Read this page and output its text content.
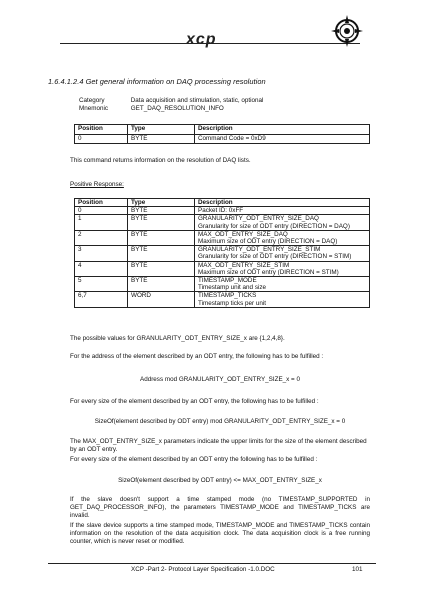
xcp
1.6.4.1.2.4 Get general information on DAQ processing resolution
Category	Data acquisition and stimulation, static, optional
Mnemonic	GET_DAQ_RESOLUTION_INFO
Position	Type	Description
0	BYTE	Command Code = 0xD9
This command returns information on the resolution of DAQ lists.
Positive Response:
Position	Type	Description
0	BYTE	Packet ID: 0xFF
1	BYTE	GRANULARITY_ODT_ENTRY_SIZE_DAQ
Granularity for size of ODT entry (DIRECTION = DAQ)

2	BYTE	MAX_ODT_ENTRY_SIZE_DAQ
Maximum size of ODT entry (DIRECTION = DAQ)

3	BYTE	GRANULARITY_ODT_ENTRY_SIZE_STIM
Granularity for size of ODT entry (DIRECTION = STIM)

4	BYTE	MAX_ODT_ENTRY_SIZE_STIM
Maximum size of ODT entry (DIRECTION = STIM)

5	BYTE	TIMESTAMP_MODE
Timestamp unit and size

6,7	WORD	TIMESTAMP_TICKS
Timestamp ticks per unit
The possible values for GRANULARITY_ODT_ENTRY_SIZE_x are {1,2,4,8}.
For the address of the element described by an ODT entry, the following has to be fulfilled :
Address mod GRANULARITY_ODT_ENTRY_SIZE_x = 0
For every size of the element described by an ODT entry, the following has to be fulfilled :
SizeOf(element described by ODT entry) mod GRANULARITY_ODT_ENTRY_SIZE_x = 0
The MAX_ODT_ENTRY_SIZE_x parameters indicate the upper limits for the size of the element described by an ODT entry.
For every size of the element described by an ODT entry the following has to be fulfilled :
SizeOf(element described by ODT entry) <= MAX_ODT_ENTRY_SIZE_x
If the slave doesn't support a time stamped mode (no TIMESTAMP_SUPPORTED in GET_DAQ_PROCESSOR_INFO), the parameters TIMESTAMP_MODE and TIMESTAMP_TICKS are invalid.
If the slave device supports a time stamped mode, TIMESTAMP_MODE and TIMESTAMP_TICKS contain information on the resolution of the data acquisition clock. The data acquisition clock is a free running counter, which is never reset or modified.
XCP -Part 2- Protocol Layer Specification -1.0.DOC	101
